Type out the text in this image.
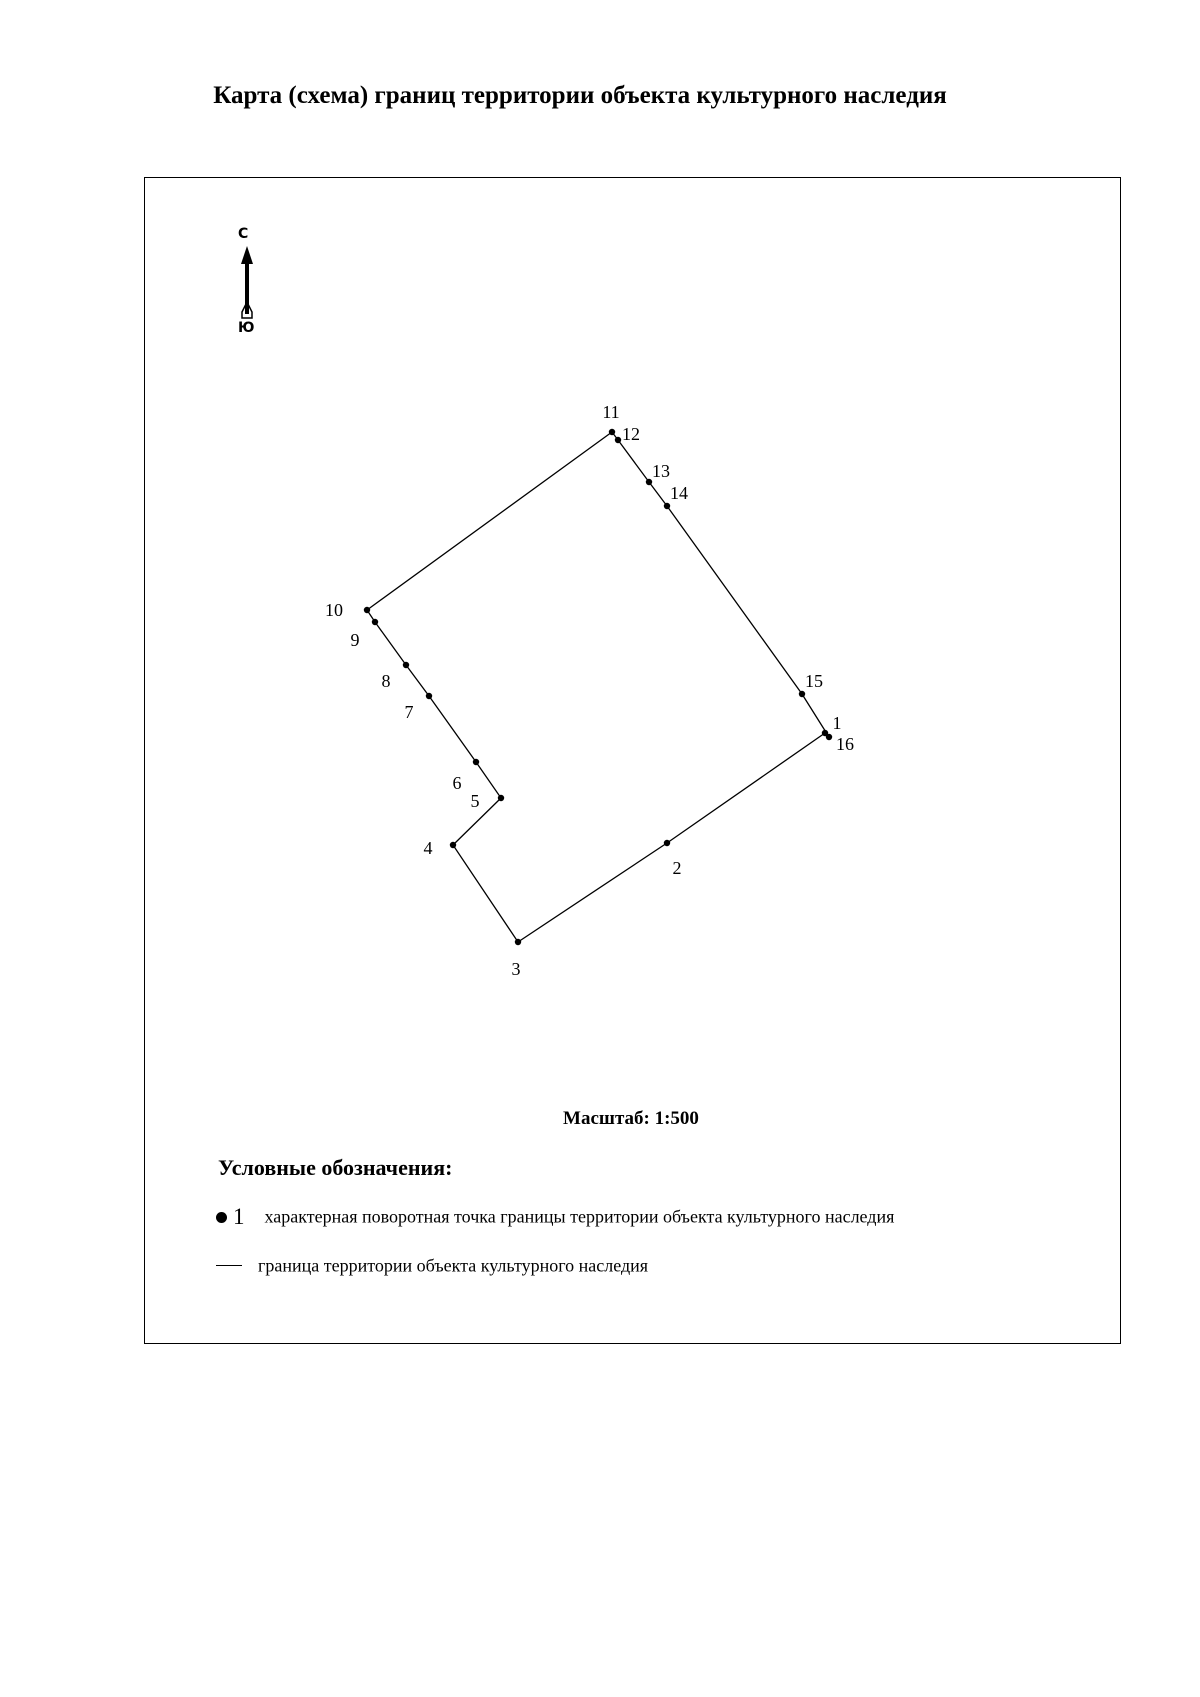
Карта (схема) границ территории объекта культурного наследия
С
Ю
1
2
3
4
5
6
7
8
9
10
11
12
13
14
15
16
Масштаб: 1:500
Условные обозначения:
1 характерная поворотная точка границы территории объекта культурного наследия
граница территории объекта культурного наследия
